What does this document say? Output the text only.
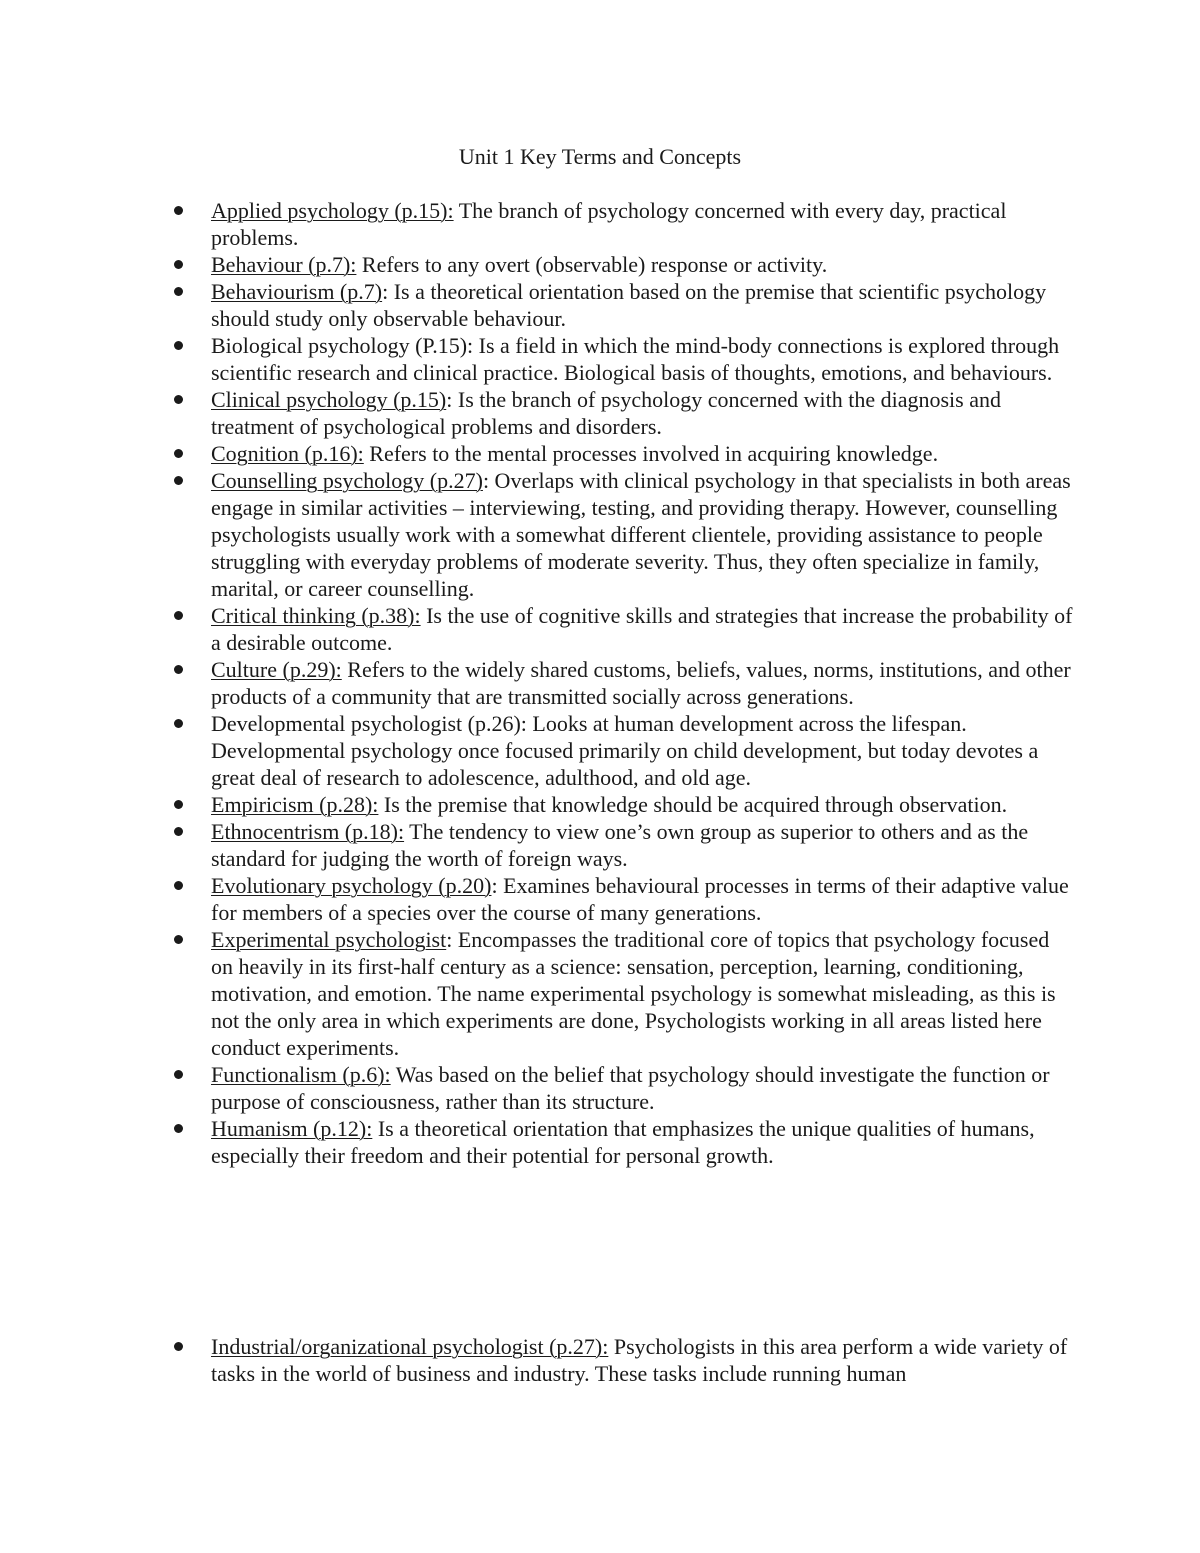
Unit 1 Key Terms and Concepts
Applied psychology (p.15): The branch of psychology concerned with every day, practical problems.
Behaviour (p.7): Refers to any overt (observable) response or activity.
Behaviourism (p.7): Is a theoretical orientation based on the premise that scientific psychology should study only observable behaviour.
Biological psychology (P.15): Is a field in which the mind-body connections is explored through scientific research and clinical practice. Biological basis of thoughts, emotions, and behaviours.
Clinical psychology (p.15): Is the branch of psychology concerned with the diagnosis and treatment of psychological problems and disorders.
Cognition (p.16): Refers to the mental processes involved in acquiring knowledge.
Counselling psychology (p.27): Overlaps with clinical psychology in that specialists in both areas engage in similar activities – interviewing, testing, and providing therapy. However, counselling psychologists usually work with a somewhat different clientele, providing assistance to people struggling with everyday problems of moderate severity. Thus, they often specialize in family, marital, or career counselling.
Critical thinking (p.38): Is the use of cognitive skills and strategies that increase the probability of a desirable outcome.
Culture (p.29): Refers to the widely shared customs, beliefs, values, norms, institutions, and other products of a community that are transmitted socially across generations.
Developmental psychologist (p.26): Looks at human development across the lifespan. Developmental psychology once focused primarily on child development, but today devotes a great deal of research to adolescence, adulthood, and old age.
Empiricism (p.28): Is the premise that knowledge should be acquired through observation.
Ethnocentrism (p.18): The tendency to view one’s own group as superior to others and as the standard for judging the worth of foreign ways.
Evolutionary psychology (p.20): Examines behavioural processes in terms of their adaptive value for members of a species over the course of many generations.
Experimental psychologist: Encompasses the traditional core of topics that psychology focused on heavily in its first-half century as a science: sensation, perception, learning, conditioning, motivation, and emotion. The name experimental psychology is somewhat misleading, as this is not the only area in which experiments are done, Psychologists working in all areas listed here conduct experiments.
Functionalism (p.6): Was based on the belief that psychology should investigate the function or purpose of consciousness, rather than its structure.
Humanism (p.12): Is a theoretical orientation that emphasizes the unique qualities of humans, especially their freedom and their potential for personal growth.
Industrial/organizational psychologist (p.27): Psychologists in this area perform a wide variety of tasks in the world of business and industry. These tasks include running human
